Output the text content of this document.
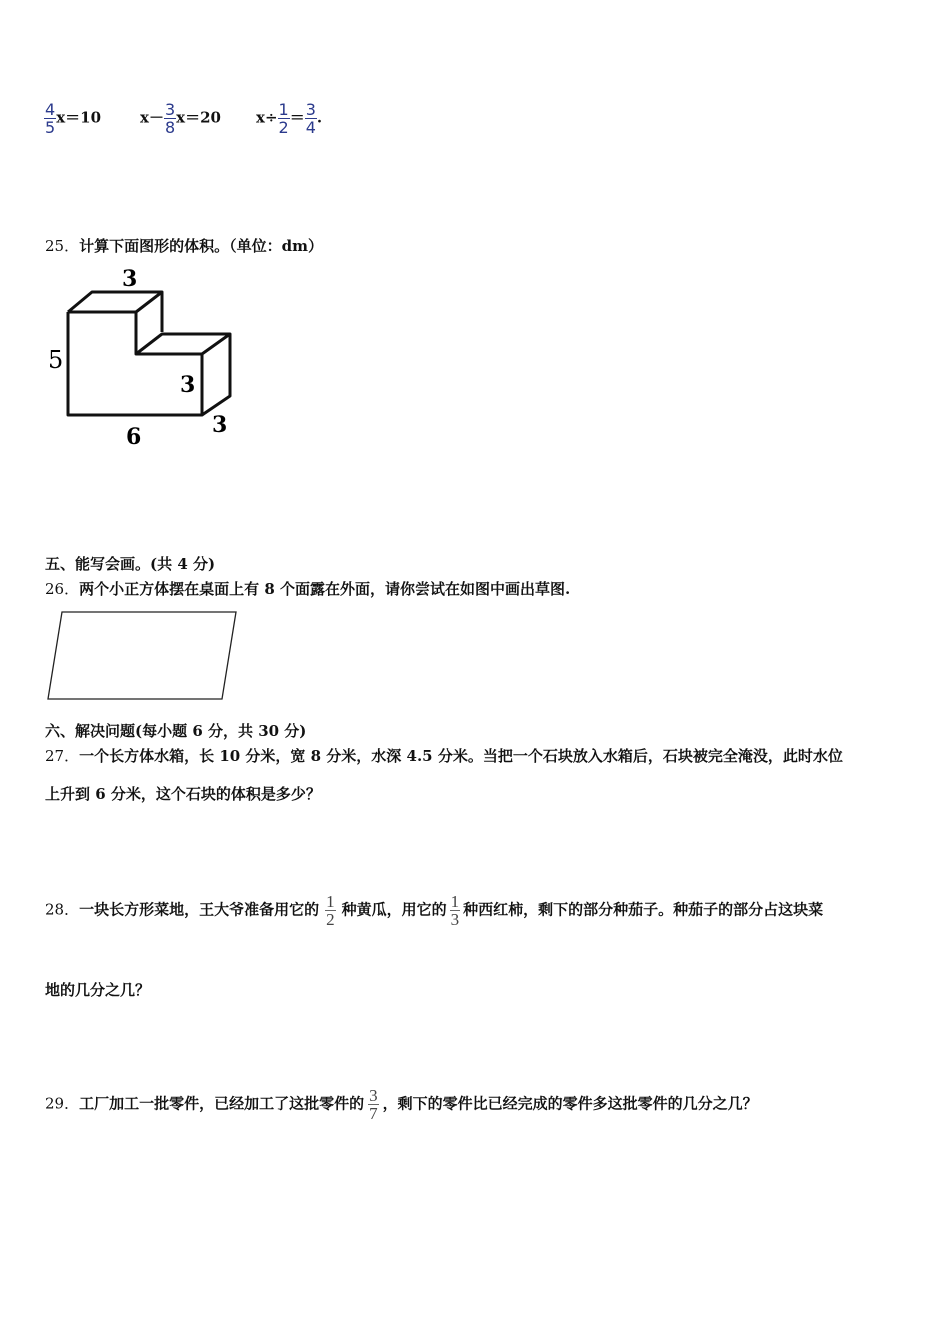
$\frac{4}{5} x=10$	$x- \frac{3}{8} x=20$ $x\div \frac{1}{2} = \frac{3}{4}$ .
25．计算下面图形的体积。（单位：dm）
3
5
3
3
6
五、能写会画。(共 4 分)
26．两个小正方体摆在桌面上有 8 个面露在外面，请你尝试在如图中画出草图.
六、解决问题(每小题 6 分，共 30 分)
27．一个长方体水箱，长 10 分米，宽 8 分米，水深 4.5 分米。当把一个石块放入水箱后，石块被完全淹没，此时水位
上升到 6 分米，这个石块的体积是多少？
28．一块长方形菜地，王大爷准备用它的 $\frac{1}{2}$ 种黄瓜，用它的 $\frac{1}{3}$ 种西红柿，剩下的部分种茄子。种茄子的部分占这块菜
地的几分之几？
29．工厂加工一批零件，已经加工了这批零件的 $\frac{3}{7}$ ，剩下的零件比已经完成的零件多这批零件的几分之几？
